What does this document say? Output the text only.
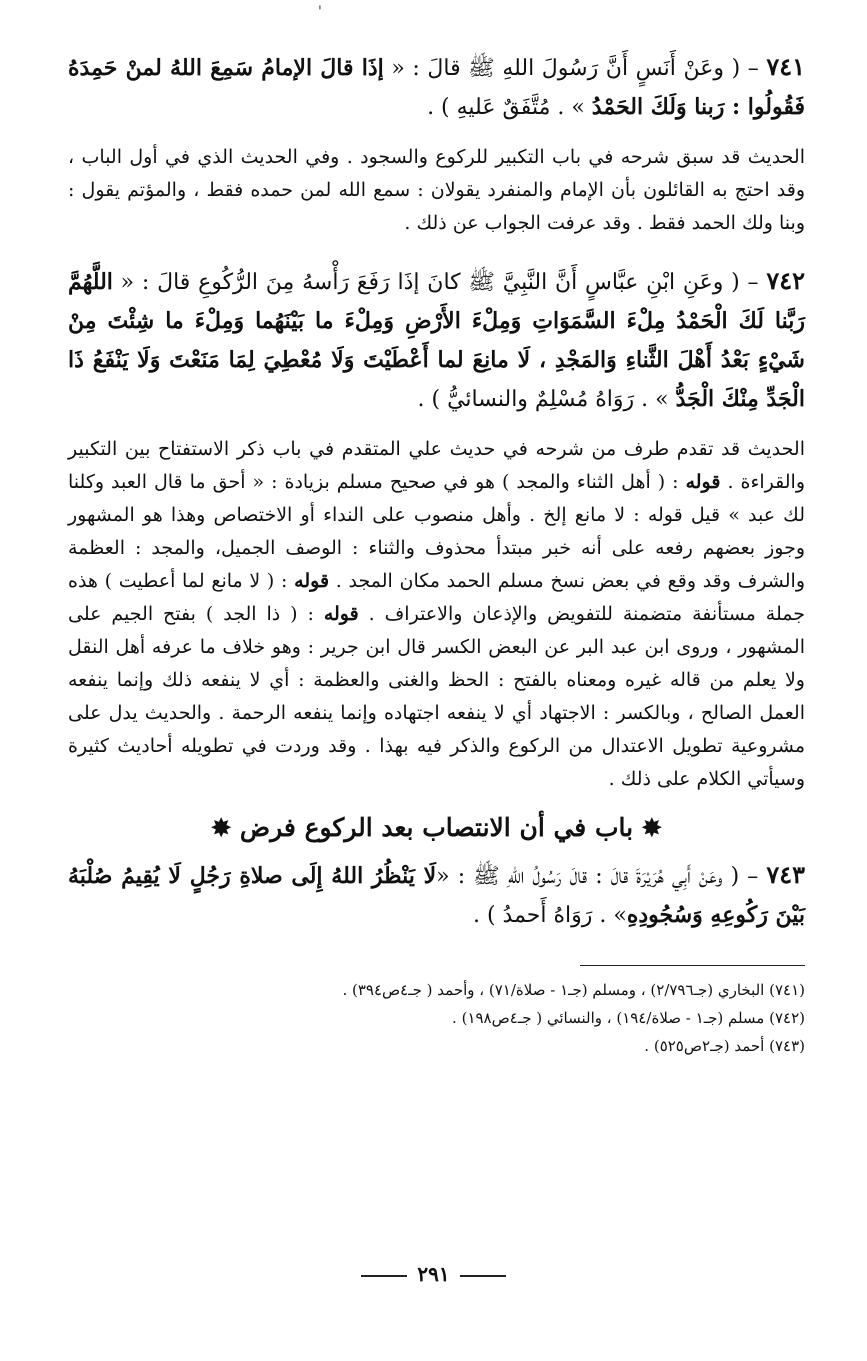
'

٧٤١ – ( وعَنْ أَنَسٍ أَنَّ رَسُولَ اللهِ ﷺ قالَ : « إذَا قالَ الإمامُ سَمِعَ اللهُ لمنْ حَمِدَهُ فَقُولُوا : رَبنا وَلَكَ الحَمْدُ » . مُتَّفَقٌ عَليهِ ) .

الحديث قد سبق شرحه في باب التكبير للركوع والسجود . وفي الحديث الذي في أول الباب ، وقد احتج به القائلون بأن الإمام والمنفرد يقولان : سمع الله لمن حمده فقط ، والمؤتم يقول : وبنا ولك الحمد فقط . وقد عرفت الجواب عن ذلك .

٧٤٢ – ( وعَنِ ابْنِ عبَّاسٍ أَنَّ النَّبِيَّ ﷺ كانَ إذَا رَفَعَ رَأْسهُ مِنَ الرُّكُوعِ قالَ : « اللَّهُمَّ رَبَّنا لَكَ الْحَمْدُ مِلْءَ السَّمَوَاتِ وَمِلْءَ الأَرْضِ وَمِلْءَ ما بَيْنَهُما وَمِلْءَ ما شِئْتَ مِنْ شَيْءٍ بَعْدُ أَهْلَ الثَّناءِ وَالمَجْدِ ، لَا مانِعَ لما أَعْطَيْتَ وَلَا مُعْطِيَ لِمَا مَنَعْتَ وَلَا يَنْفَعُ ذَا الْجَدِّ مِنْكَ الْجَدُّ » . رَوَاهُ مُسْلِمٌ والنسائيُّ ) .

الحديث قد تقدم طرف من شرحه في حديث علي المتقدم في باب ذكر الاستفتاح بين التكبير والقراءة . قوله : ( أهل الثناء والمجد ) هو في صحيح مسلم بزيادة : « أحق ما قال العبد وكلنا لك عبد » قيل قوله : لا مانع إلخ . وأهل منصوب على النداء أو الاختصاص وهذا هو المشهور وجوز بعضهم رفعه على أنه خبر مبتدأ محذوف والثناء : الوصف الجميل، والمجد : العظمة والشرف وقد وقع في بعض نسخ مسلم الحمد مكان المجد . قوله : ( لا مانع لما أعطيت ) هذه جملة مستأنفة متضمنة للتفويض والإذعان والاعتراف . قوله : ( ذا الجد ) بفتح الجيم على المشهور ، وروى ابن عبد البر عن البعض الكسر قال ابن جرير : وهو خلاف ما عرفه أهل النقل ولا يعلم من قاله غيره ومعناه بالفتح : الحظ والغنى والعظمة : أي لا ينفعه ذلك وإنما ينفعه العمل الصالح ، وبالكسر : الاجتهاد أي لا ينفعه اجتهاده وإنما ينفعه الرحمة . والحديث يدل على مشروعية تطويل الاعتدال من الركوع والذكر فيه بهذا . وقد وردت في تطويله أحاديث كثيرة وسيأتي الكلام على ذلك .

✸ باب في أن الانتصاب بعد الركوع فرض ✸

٧٤٣ – ( وعَنْ أَبِي هُرَيْرَةَ قالَ : قالَ رَسُولُ اللهِ ﷺ : «لَا يَنْظُرُ اللهُ إِلَى صلاةِ رَجُلٍ لَا يُقِيمُ صُلْبَهُ بَيْنَ رَكُوعِهِ وَسُجُودِهِ» . رَوَاهُ أَحمدُ ) .

(٧٤١) البخاري (جـ٢/٧٩٦) ، ومسلم (جـ١ - صلاة/٧١) ، وأحمد ( جـ٤ص٣٩٤) .
(٧٤٢) مسلم (جـ١ - صلاة/١٩٤) ، والنسائي ( جـ٤ص١٩٨) .
(٧٤٣) أحمد (جـ٢ص٥٢٥) .
٢٩١
